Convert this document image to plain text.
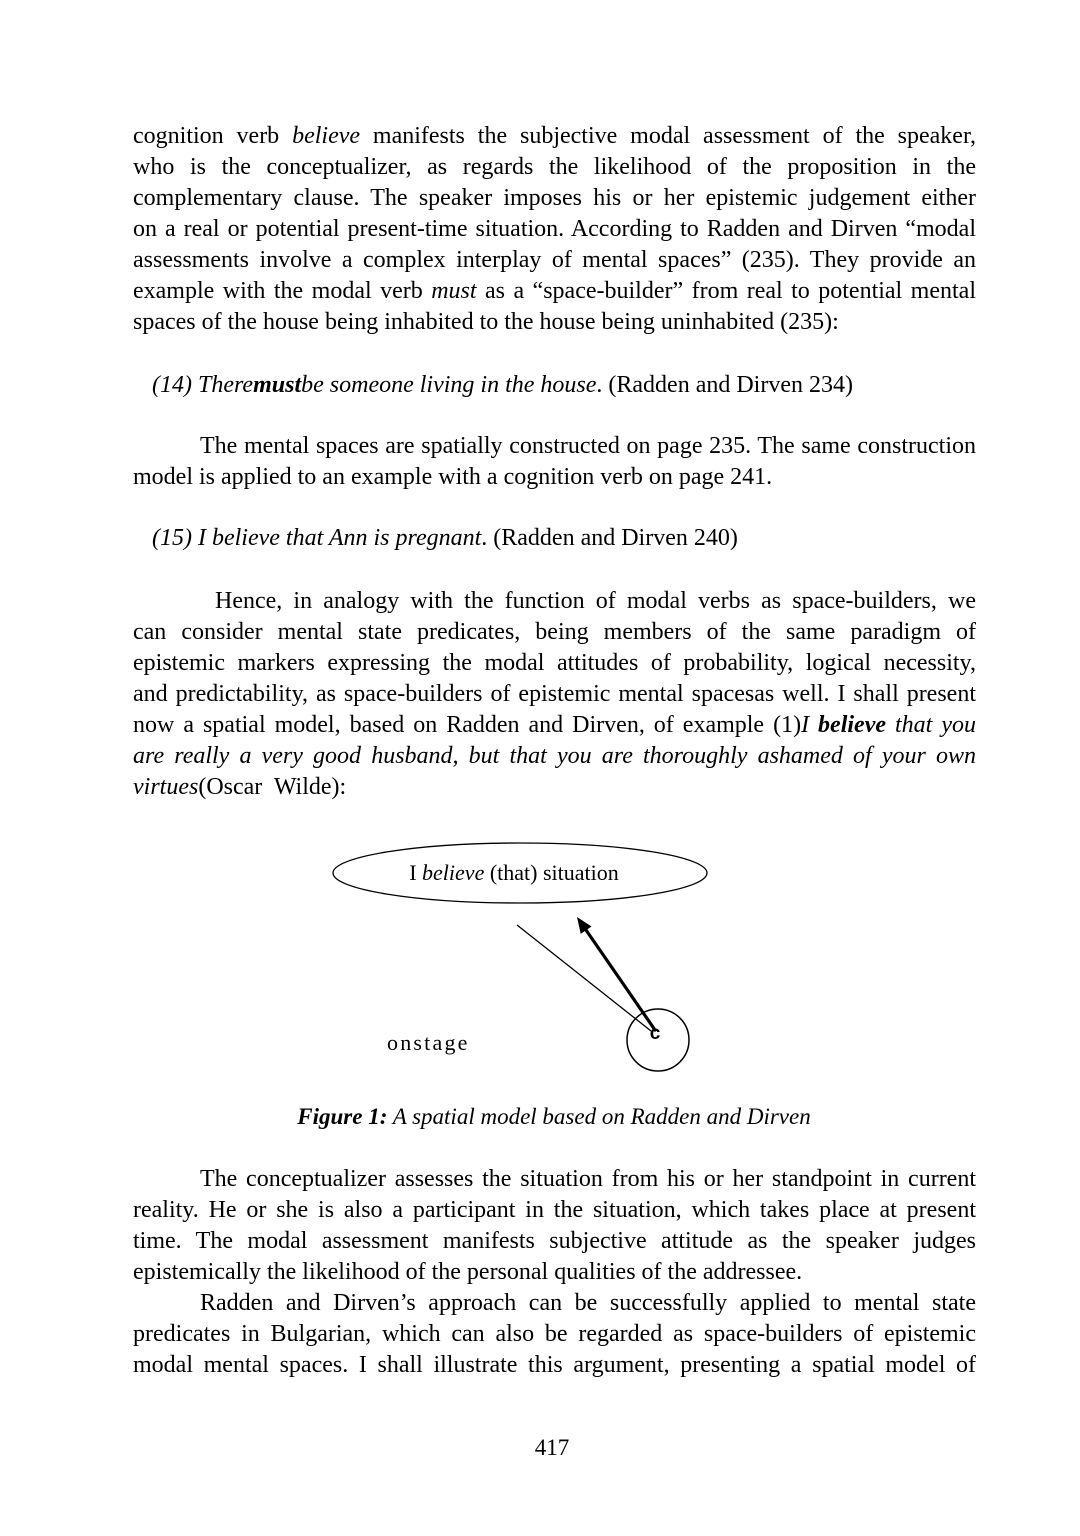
cognition verb believe manifests the subjective modal assessment of the speaker,
who is the conceptualizer, as regards the likelihood of the proposition in the
complementary clause. The speaker imposes his or her epistemic judgement either
on a real or potential present-time situation. According to Radden and Dirven “modal
assessments involve a complex interplay of mental spaces” (235). They provide an
example with the modal verb must as a “space-builder” from real to potential mental
spaces of the house being inhabited to the house being uninhabited (235):
(14) Theremustbe someone living in the house. (Radden and Dirven 234)
The mental spaces are spatially constructed on page 235. The same construction
model is applied to an example with a cognition verb on page 241.
(15) I believe that Ann is pregnant. (Radden and Dirven 240)
Hence, in analogy with the function of modal verbs as space-builders, we
can consider mental state predicates, being members of the same paradigm of
epistemic markers expressing the modal attitudes of probability, logical necessity,
and predictability, as space-builders of epistemic mental spacesas well. I shall present
now a spatial model, based on Radden and Dirven, of example (1)I believe that you
are really a very good husband, but that you are thoroughly ashamed of your own
virtues(Oscar  Wilde):
I believe (that) situation
c
onstage
Figure 1: A spatial model based on Radden and Dirven
The conceptualizer assesses the situation from his or her standpoint in current
reality. He or she is also a participant in the situation, which takes place at present
time. The modal assessment manifests subjective attitude as the speaker judges
epistemically the likelihood of the personal qualities of the addressee.
Radden and Dirven’s approach can be successfully applied to mental state
predicates in Bulgarian, which can also be regarded as space-builders of epistemic
modal mental spaces. I shall illustrate this argument, presenting a spatial model of
417
